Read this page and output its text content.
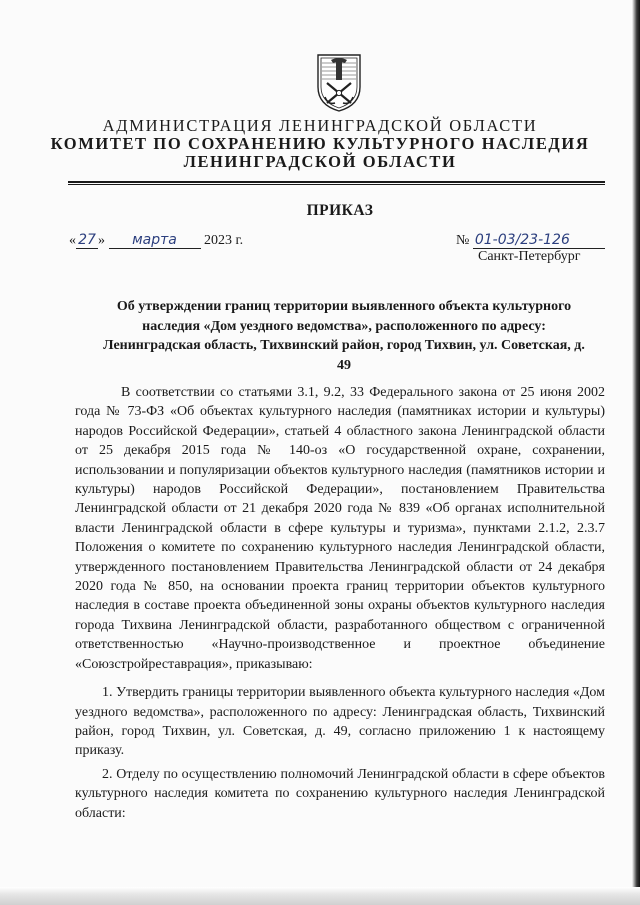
АДМИНИСТРАЦИЯ ЛЕНИНГРАДСКОЙ ОБЛАСТИ
КОМИТЕТ ПО СОХРАНЕНИЮ КУЛЬТУРНОГО НАСЛЕДИЯ
ЛЕНИНГРАДСКОЙ ОБЛАСТИ
ПРИКАЗ
« 27 » марта 2023 г.	№ 01-03/23-126
Санкт-Петербург
Об утверждении границ территории выявленного объекта культурного наследия «Дом уездного ведомства», расположенного по адресу: Ленинградская область, Тихвинский район, город Тихвин, ул. Советская, д. 49

В соответствии со статьями 3.1, 9.2, 33 Федерального закона от 25 июня 2002 года № 73-ФЗ «Об объектах культурного наследия (памятниках истории и культуры) народов Российской Федерации», статьей 4 областного закона Ленинградской области от 25 декабря 2015 года № 140-оз «О государственной охране, сохранении, использовании и популяризации объектов культурного наследия (памятников истории и культуры) народов Российской Федерации», постановлением Правительства Ленинградской области от 21 декабря 2020 года № 839 «Об органах исполнительной власти Ленинградской области в сфере культуры и туризма», пунктами 2.1.2, 2.3.7 Положения о комитете по сохранению культурного наследия Ленинградской области, утвержденного постановлением Правительства Ленинградской области от 24 декабря 2020 года № 850, на основании проекта границ территории объектов культурного наследия в составе проекта объединенной зоны охраны объектов культурного наследия города Тихвина Ленинградской области, разработанного обществом с ограниченной ответственностью «Научно-производственное и проектное объединение «Союзстройреставрация», приказываю:

1. Утвердить границы территории выявленного объекта культурного наследия «Дом уездного ведомства», расположенного по адресу: Ленинградская область, Тихвинский район, город Тихвин, ул. Советская, д. 49, согласно приложению 1 к настоящему приказу.

2. Отделу по осуществлению полномочий Ленинградской области в сфере объектов культурного наследия комитета по сохранению культурного наследия Ленинградской области:
